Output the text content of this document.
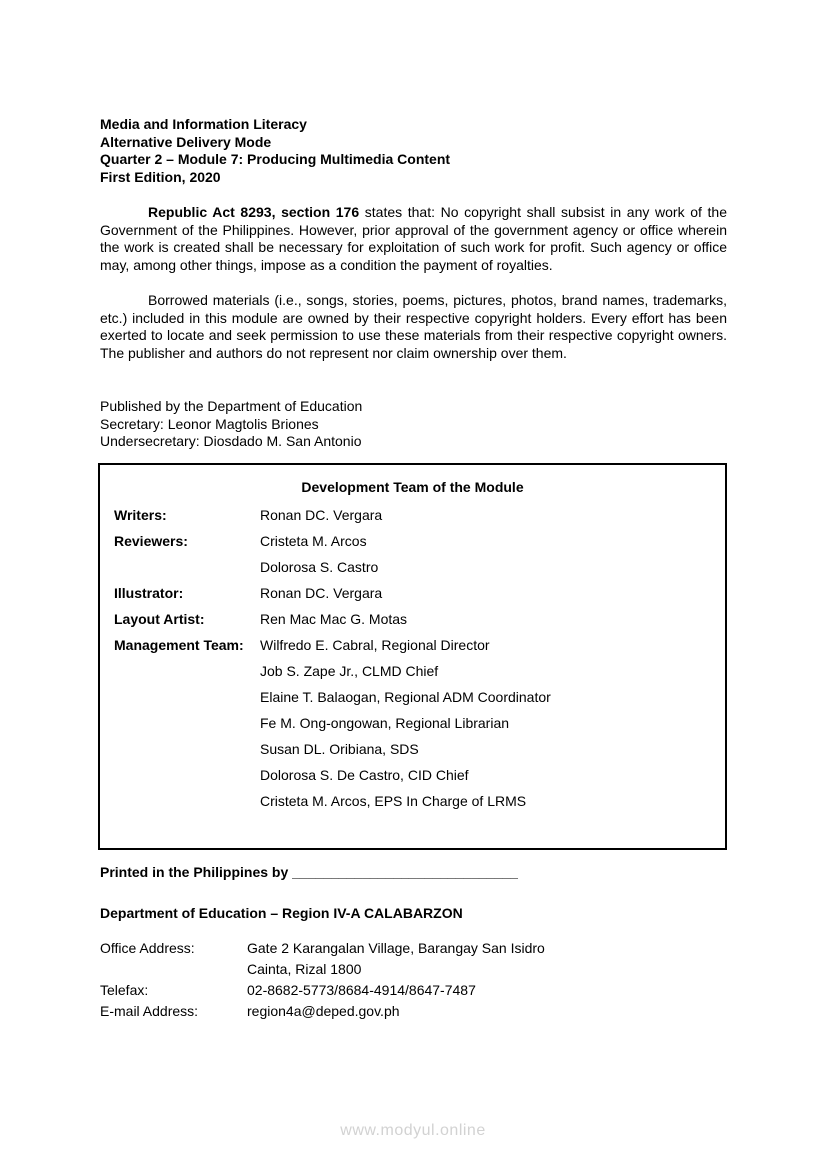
Media and Information Literacy
Alternative Delivery Mode
Quarter 2 – Module 7: Producing Multimedia Content
First Edition, 2020

Republic Act 8293, section 176 states that: No copyright shall subsist in any work of the Government of the Philippines. However, prior approval of the government agency or office wherein the work is created shall be necessary for exploitation of such work for profit. Such agency or office may, among other things, impose as a condition the payment of royalties.

Borrowed materials (i.e., songs, stories, poems, pictures, photos, brand names, trademarks, etc.) included in this module are owned by their respective copyright holders. Every effort has been exerted to locate and seek permission to use these materials from their respective copyright owners. The publisher and authors do not represent nor claim ownership over them.

Published by the Department of Education
Secretary: Leonor Magtolis Briones
Undersecretary: Diosdado M. San Antonio
Development Team of the Module
Writers:	Ronan DC. Vergara
Reviewers:	Cristeta M. Arcos
Dolorosa S. Castro
Illustrator:	Ronan DC. Vergara
Layout Artist:	Ren Mac Mac G. Motas
Management Team:	Wilfredo E. Cabral, Regional Director
Job S. Zape Jr., CLMD Chief
Elaine T. Balaogan, Regional ADM Coordinator
Fe M. Ong-ongowan, Regional Librarian
Susan DL. Oribiana, SDS
Dolorosa S. De Castro, CID Chief
Cristeta M. Arcos, EPS In Charge of LRMS
Printed in the Philippines by _____________________________
Department of Education – Region IV-A CALABARZON
Office Address:	Gate 2 Karangalan Village, Barangay San Isidro
Cainta, Rizal 1800
Telefax:	02-8682-5773/8684-4914/8647-7487
E-mail Address:	region4a@deped.gov.ph
www.modyul.online
